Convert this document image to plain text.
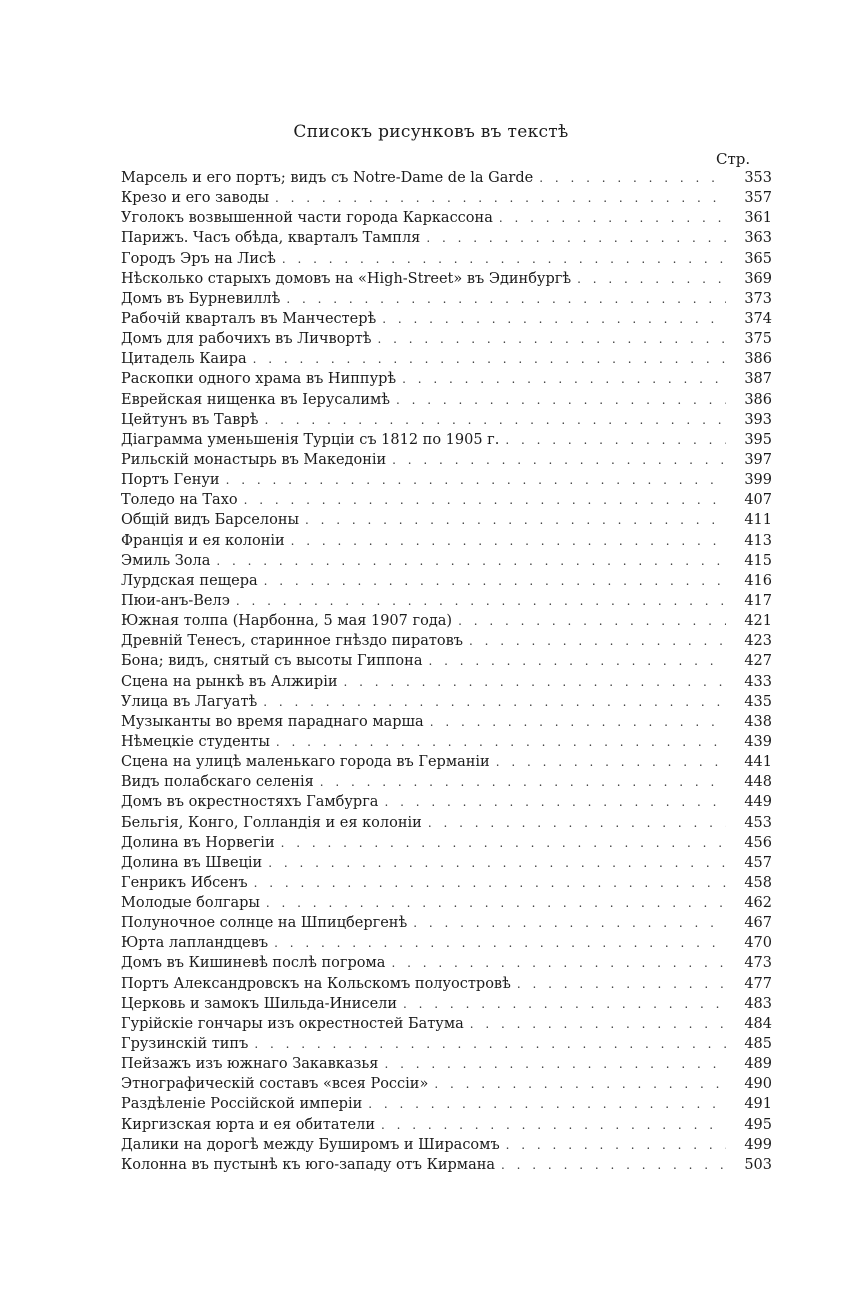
Списокъ рисунковъ въ текстѣ
Стр.
Марсель и его портъ; видъ съ Notre-Dame de la Garde . . .	353
Крезо и его заводы . . .	357
Уголокъ возвышенной части города Каркассона . . .	361
Парижъ. Часъ обѣда, кварталъ Тампля . . .	363
Городъ Эръ на Лисѣ . . .	365
Нѣсколько старыхъ домовъ на «High-Street» въ Эдинбургѣ . . .	369
Домъ въ Бурневиллѣ . . .	373
Рабочій кварталъ въ Манчестерѣ . . .	374
Домъ для рабочихъ въ Личвортѣ . . .	375
Цитадель Каира . . .	386
Раскопки одного храма въ Ниппурѣ . . .	387
Еврейская нищенка въ Іерусалимѣ . . .	386
Цейтунъ въ Таврѣ . . .	393
Діаграмма уменьшенія Турціи съ 1812 по 1905 г. . . .	395
Рильскій монастырь въ Македоніи . . .	397
Портъ Генуи . . .	399
Толедо на Тахо . . .	407
Общій видъ Барселоны . . .	411
Франція и ея колоніи . . .	413
Эмиль Зола . . .	415
Лурдская пещера . . .	416
Пюи-анъ-Велэ . . .	417
Южная толпа (Нарбонна, 5 мая 1907 года) . . .	421
Древній Тенесъ, старинное гнѣздо пиратовъ . . .	423
Бона; видъ, снятый съ высоты Гиппона . . .	427
Сцена на рынкѣ въ Алжиріи . . .	433
Улица въ Лагуатѣ . . .	435
Музыканты во время параднаго марша . . .	438
Нѣмецкіе студенты . . .	439
Сцена на улицѣ маленькаго города въ Германіи . . .	441
Видъ полабскаго селенія . . .	448
Домъ въ окрестностяхъ Гамбурга . . .	449
Бельгія, Конго, Голландія и ея колоніи . . .	453
Долина въ Норвегіи . . .	456
Долина въ Швеціи . . .	457
Генрикъ Ибсенъ . . .	458
Молодые болгары . . .	462
Полуночное солнце на Шпицбергенѣ . . .	467
Юрта лапландцевъ . . .	470
Домъ въ Кишиневѣ послѣ погрома . . .	473
Портъ Александровскъ на Кольскомъ полуостровѣ . . .	477
Церковь и замокъ Шильда-Инисели . . .	483
Гурійскіе гончары изъ окрестностей Батума . . .	484
Грузинскій типъ . . .	485
Пейзажъ изъ южнаго Закавказья . . .	489
Этнографическій составъ «всея Россіи» . . .	490
Раздѣленіе Россійской имперіи . . .	491
Киргизская юрта и ея обитатели . . .	495
Далики на дорогѣ между Буширомъ и Ширасомъ . . .	499
Колонна въ пустынѣ къ юго-западу отъ Кирмана . . .	503
